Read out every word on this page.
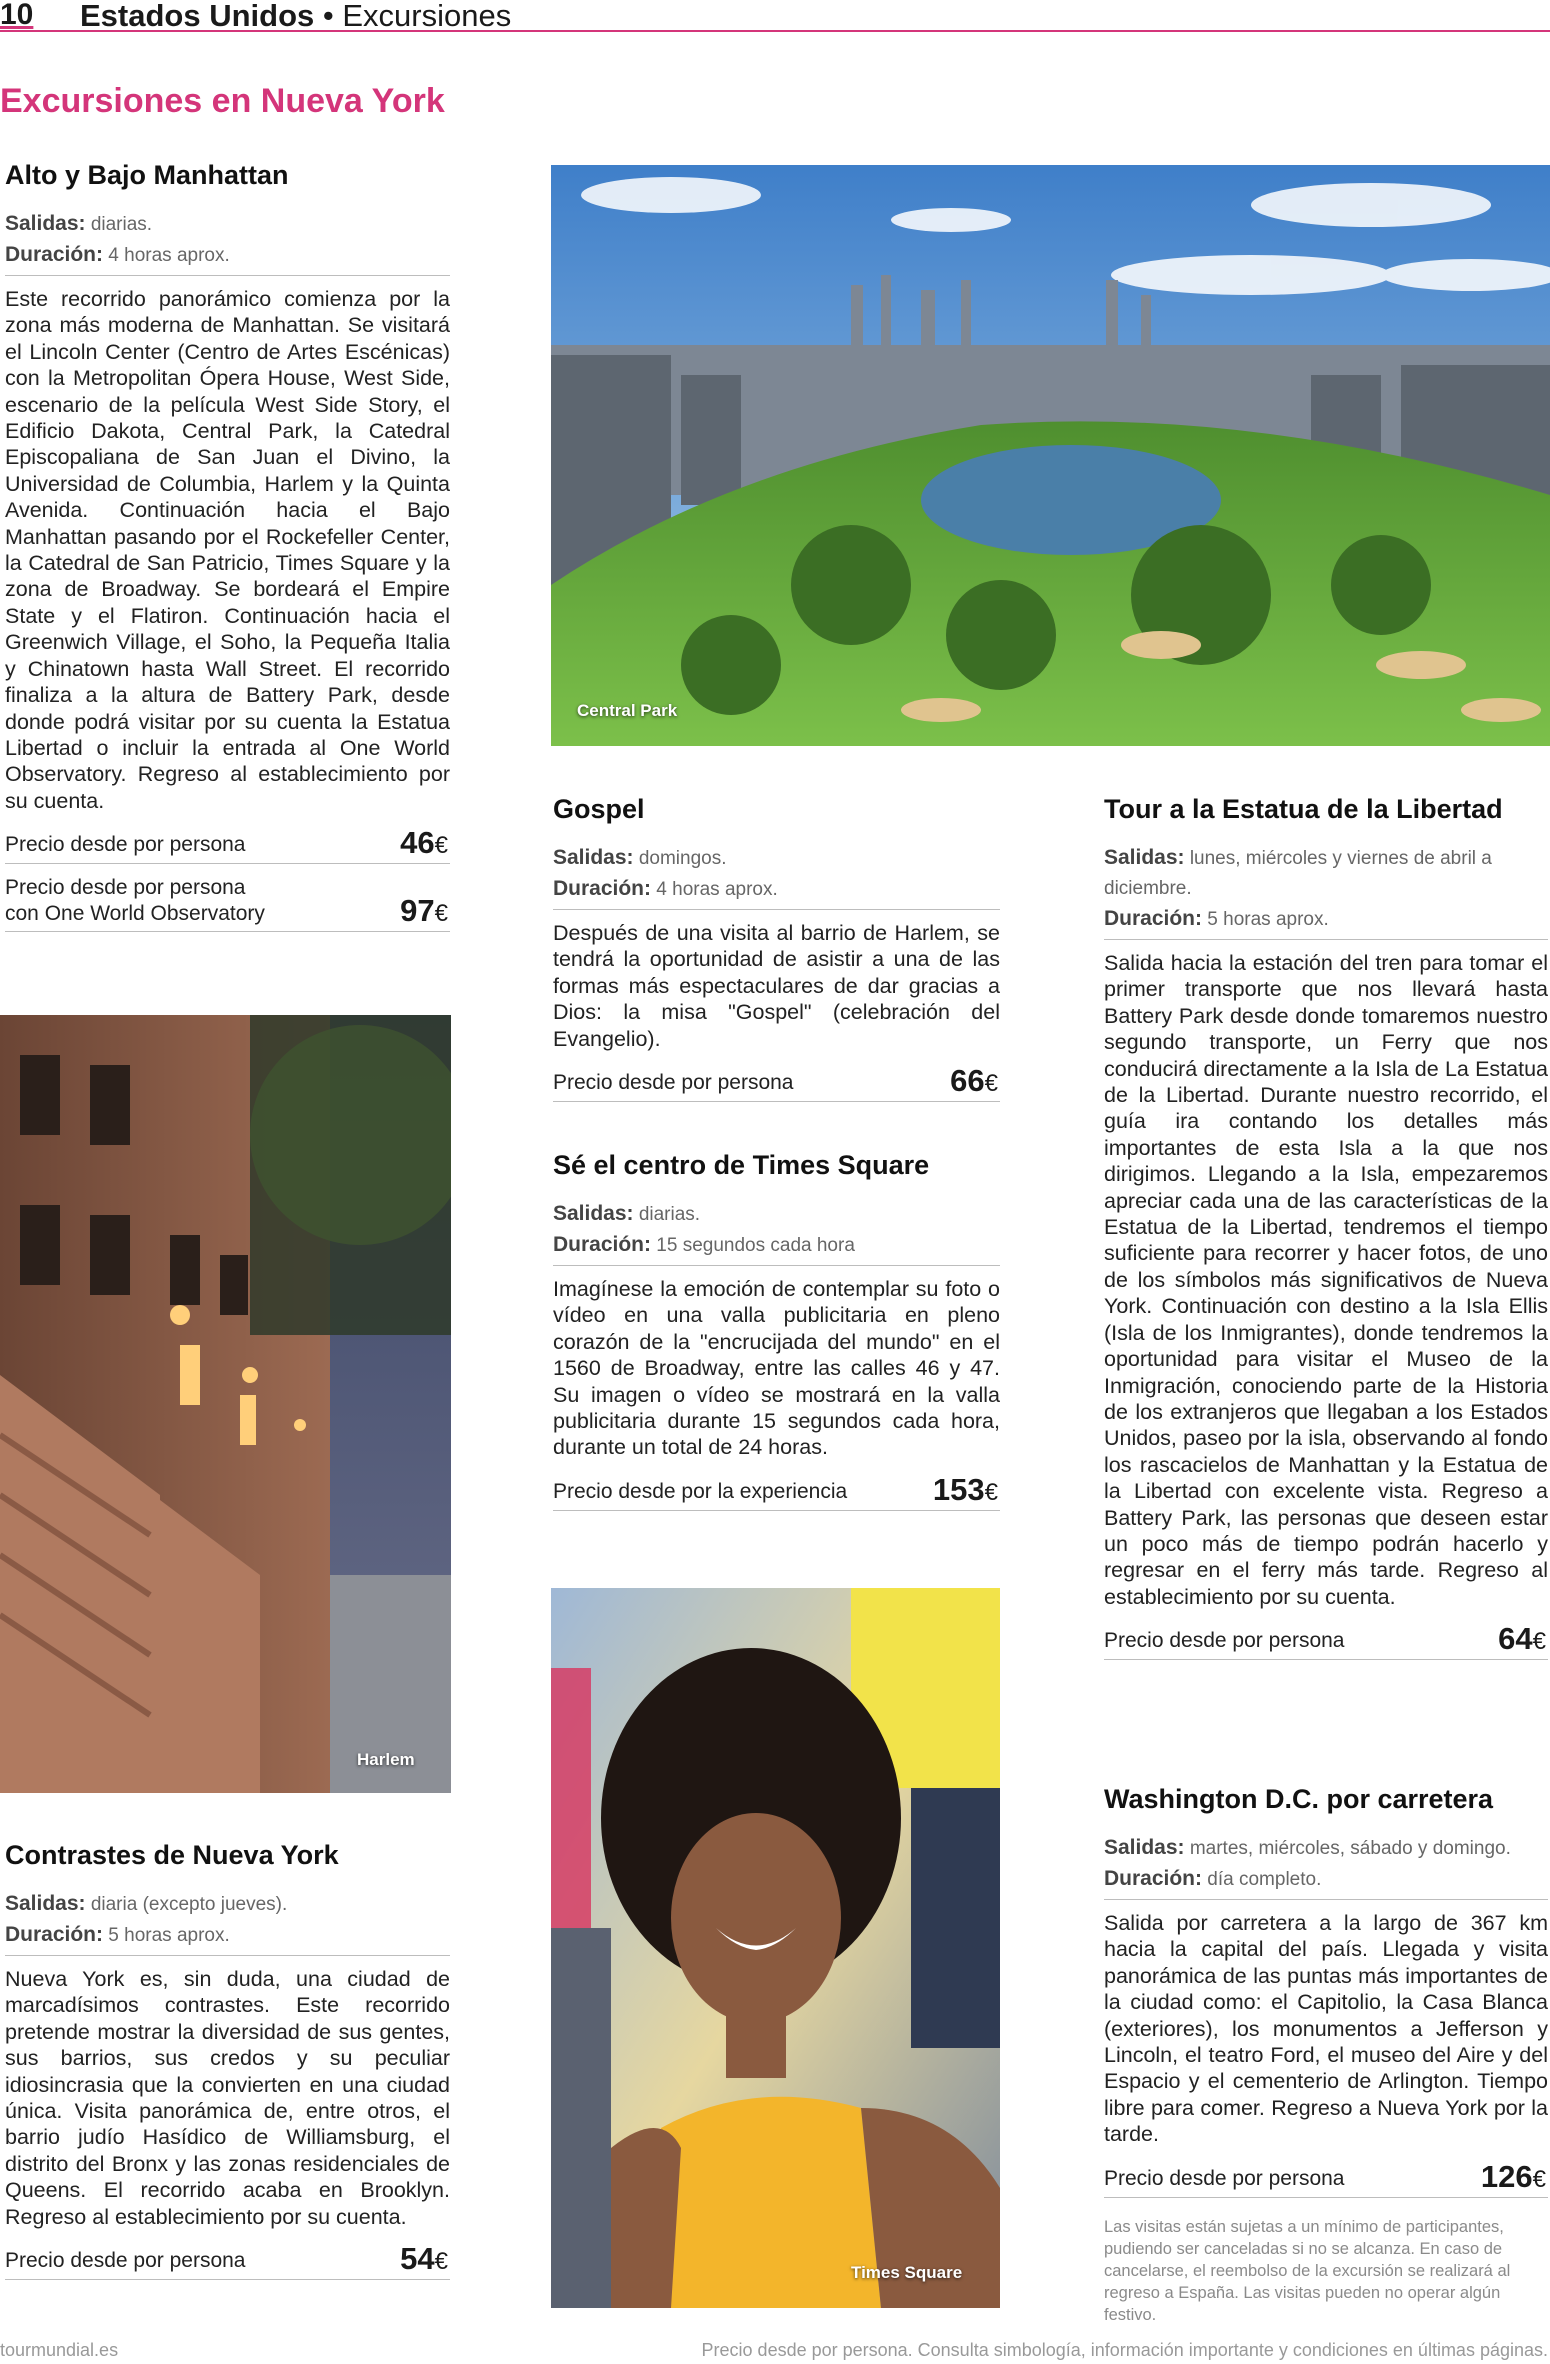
10 Estados Unidos • Excursiones
Excursiones en Nueva York
Alto y Bajo Manhattan
Salidas: diarias.
Duración: 4 horas aprox.

Este recorrido panorámico comienza por la zona más moderna de Manhattan. Se visitará el Lincoln Center (Centro de Artes Escénicas) con la Metropolitan Ópera House, West Side, escenario de la película West Side Story, el Edificio Dakota, Central Park, la Catedral Episcopaliana de San Juan el Divino, la Universidad de Columbia, Harlem y la Quinta Avenida. Continuación hacia el Bajo Manhattan pasando por el Rockefeller Center, la Catedral de San Patricio, Times Square y la zona de Broadway. Se bordeará el Empire State y el Flatiron. Continuación hacia el Greenwich Village, el Soho, la Pequeña Italia y Chinatown hasta Wall Street. El recorrido finaliza a la altura de Battery Park, desde donde podrá visitar por su cuenta la Estatua Libertad o incluir la entrada al One World Observatory. Regreso al establecimiento por su cuenta.

Precio desde por persona	46€
Precio desde por persona
con One World Observatory	97€
Harlem
Contrastes de Nueva York
Salidas: diaria (excepto jueves).
Duración: 5 horas aprox.

Nueva York es, sin duda, una ciudad de marcadísimos contrastes. Este recorrido pretende mostrar la diversidad de sus gentes, sus barrios, sus credos y su peculiar idiosincrasia que la convierten en una ciudad única. Visita panorámica de, entre otros, el barrio judío Hasídico de Williamsburg, el distrito del Bronx y las zonas residenciales de Queens. El recorrido acaba en Brooklyn. Regreso al establecimiento por su cuenta.

Precio desde por persona	54€
Central Park
Gospel
Salidas: domingos.
Duración: 4 horas aprox.

Después de una visita al barrio de Harlem, se tendrá la oportunidad de asistir a una de las formas más espectaculares de dar gracias a Dios: la misa "Gospel" (celebración del Evangelio).

Precio desde por persona	66€
Sé el centro de Times Square
Salidas: diarias.
Duración: 15 segundos cada hora

Imagínese la emoción de contemplar su foto o vídeo en una valla publicitaria en pleno corazón de la "encrucijada del mundo" en el 1560 de Broadway, entre las calles 46 y 47. Su imagen o vídeo se mostrará en la valla publicitaria durante 15 segundos cada hora, durante un total de 24 horas.

Precio desde por la experiencia	153€
Times Square
Tour a la Estatua de la Libertad
Salidas: lunes, miércoles y viernes de abril a diciembre.
Duración: 5 horas aprox.

Salida hacia la estación del tren para tomar el primer transporte que nos llevará hasta Battery Park desde donde tomaremos nuestro segundo transporte, un Ferry que nos conducirá directamente a la Isla de La Estatua de la Libertad. Durante nuestro recorrido, el guía ira contando los detalles más importantes de esta Isla a la que nos dirigimos. Llegando a la Isla, empezaremos apreciar cada una de las características de la Estatua de la Libertad, tendremos el tiempo suficiente para recorrer y hacer fotos, de uno de los símbolos más significativos de Nueva York. Continuación con destino a la Isla Ellis (Isla de los Inmigrantes), donde tendremos la oportunidad para visitar el Museo de la Inmigración, conociendo parte de la Historia de los extranjeros que llegaban a los Estados Unidos, paseo por la isla, observando al fondo los rascacielos de Manhattan y la Estatua de la Libertad con excelente vista. Regreso a Battery Park, las personas que deseen estar un poco más de tiempo podrán hacerlo y regresar en el ferry más tarde. Regreso al establecimiento por su cuenta.

Precio desde por persona	64€
Washington D.C. por carretera
Salidas: martes, miércoles, sábado y domingo.
Duración: día completo.

Salida por carretera a la largo de 367 km hacia la capital del país. Llegada y visita panorámica de las puntas más importantes de la ciudad como: el Capitolio, la Casa Blanca (exteriores), los monumentos a Jefferson y Lincoln, el teatro Ford, el museo del Aire y del Espacio y el cementerio de Arlington. Tiempo libre para comer. Regreso a Nueva York por la tarde.

Precio desde por persona	126€

Las visitas están sujetas a un mínimo de participantes, pudiendo ser canceladas si no se alcanza. En caso de cancelarse, el reembolso de la excursión se realizará al regreso a España. Las visitas pueden no operar algún festivo.

tourmundial.es	Precio desde por persona. Consulta simbología, información importante y condiciones en últimas páginas.
